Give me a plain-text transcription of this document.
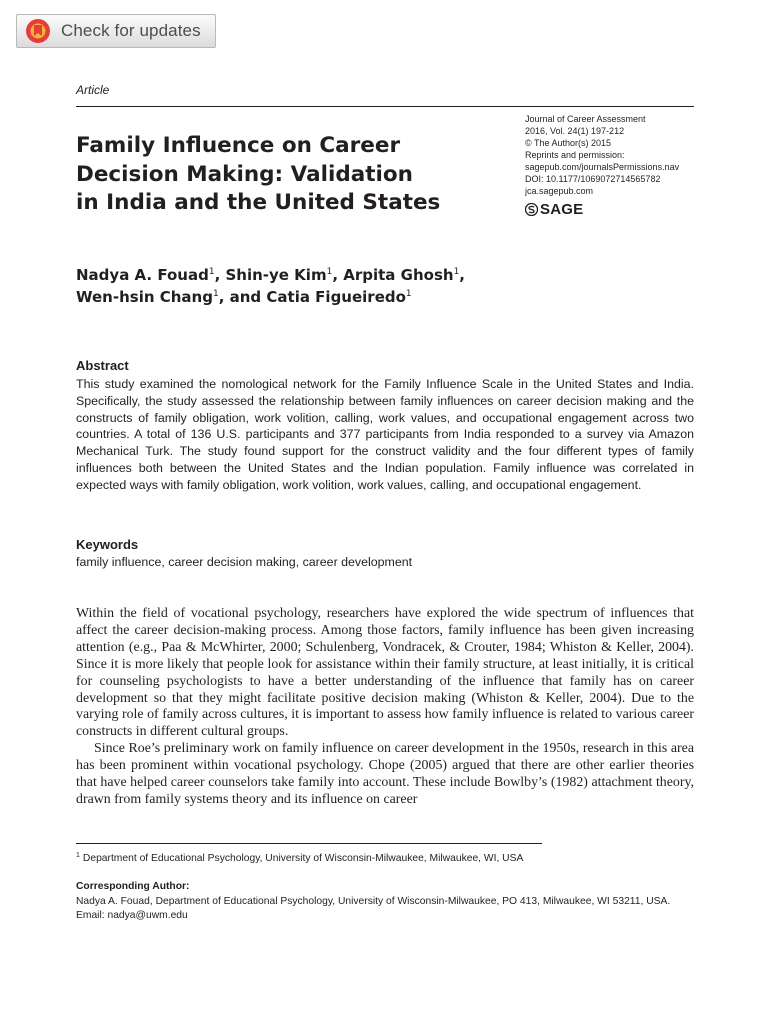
Check for updates
Article
Family Influence on Career
Decision Making: Validation
in India and the United States
Journal of Career Assessment
2016, Vol. 24(1) 197-212
© The Author(s) 2015
Reprints and permission:
sagepub.com/journalsPermissions.nav
DOI: 10.1177/1069072714565782
jca.sagepub.com
SAGE
Nadya A. Fouad$^1$, Shin-ye Kim$^1$, Arpita Ghosh$^1$,
Wen-hsin Chang$^1$, and Catia Figueiredo$^1$
Abstract

This study examined the nomological network for the Family Influence Scale in the United States and India. Specifically, the study assessed the relationship between family influences on career decision making and the constructs of family obligation, work volition, calling, work values, and occupational engagement across two countries. A total of 136 U.S. participants and 377 participants from India responded to a survey via Amazon Mechanical Turk. The study found support for the construct validity and the four different types of family influences both between the United States and the Indian population. Family influence was correlated in expected ways with family obligation, work volition, work values, calling, and occupational engagement.

Keywords
family influence, career decision making, career development

Within the field of vocational psychology, researchers have explored the wide spectrum of influences that affect the career decision-making process. Among those factors, family influence has been given increasing attention (e.g., Paa & McWhirter, 2000; Schulenberg, Vondracek, & Crouter, 1984; Whiston & Keller, 2004). Since it is more likely that people look for assistance within their family structure, at least initially, it is critical for counseling psychologists to have a better understanding of the influence that family has on career development so that they might facilitate positive decision making (Whiston & Keller, 2004). Due to the varying role of family across cultures, it is important to assess how family influence is related to various career constructs in different cultural groups.

Since Roe’s preliminary work on family influence on career development in the 1950s, research in this area has been prominent within vocational psychology. Chope (2005) argued that there are other earlier theories that have helped career counselors take family into account. These include Bowlby’s (1982) attachment theory, drawn from family systems theory and its influence on career

$^1$ Department of Educational Psychology, University of Wisconsin-Milwaukee, Milwaukee, WI, USA
Corresponding Author:
Nadya A. Fouad, Department of Educational Psychology, University of Wisconsin-Milwaukee, PO 413, Milwaukee, WI 53211, USA.
Email: nadya@uwm.edu
